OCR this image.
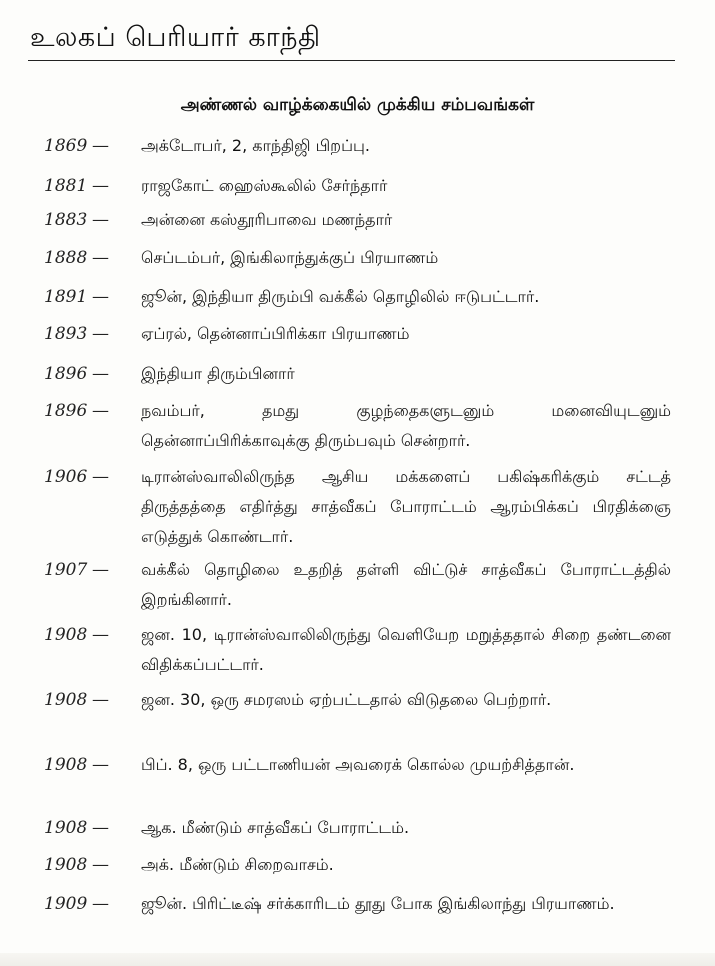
உலகப் பெரியார் காந்தி
அண்ணல் வாழ்க்கையில் முக்கிய சம்பவங்கள்
1869 — அக்டோபர், 2, காந்திஜி பிறப்பு.
1881 — ராஜகோட் ஹைஸ்கூலில் சேர்ந்தார்
1883 — அன்னை கஸ்தூரிபாவை மணந்தார்
1888 — செப்டம்பர், இங்கிலாந்துக்குப் பிரயாணம்
1891 — ஜூன், இந்தியா திரும்பி வக்கீல் தொழிலில் ஈடுபட்டார்.
1893 — ஏப்ரல், தென்னாப்பிரிக்கா பிரயாணம்
1896 — இந்தியா திரும்பினார்
1896 — நவம்பர், தமது குழந்தைகளுடனும் மனைவியுடனும் தென்னாப்பிரிக்காவுக்கு திரும்பவும் சென்றார்.
1906 — டிரான்ஸ்வாலிலிருந்த ஆசிய மக்களைப் பகிஷ்கரிக்கும் சட்டத் திருத்தத்தை எதிர்த்து சாத்வீகப் போராட்டம் ஆரம்பிக்கப் பிரதிக்ஞை எடுத்துக் கொண்டார்.
1907 — வக்கீல் தொழிலை உதறித் தள்ளி விட்டுச் சாத்வீகப் போராட்டத்தில் இறங்கினார்.
1908 — ஜன. 10, டிரான்ஸ்வாலிலிருந்து வெளியேற மறுத்ததால் சிறை தண்டனை விதிக்கப்பட்டார்.
1908 — ஜன. 30, ஒரு சமரஸம் ஏற்பட்டதால் விடுதலை பெற்றார்.
1908 — பிப். 8, ஒரு பட்டாணியன் அவரைக் கொல்ல முயற்சித்தான்.
1908 — ஆக. மீண்டும் சாத்வீகப் போராட்டம்.
1908 — அக். மீண்டும் சிறைவாசம்.
1909 — ஜூன். பிரிட்டீஷ் சர்க்காரிடம் தூது போக இங்கிலாந்து பிரயாணம்.
